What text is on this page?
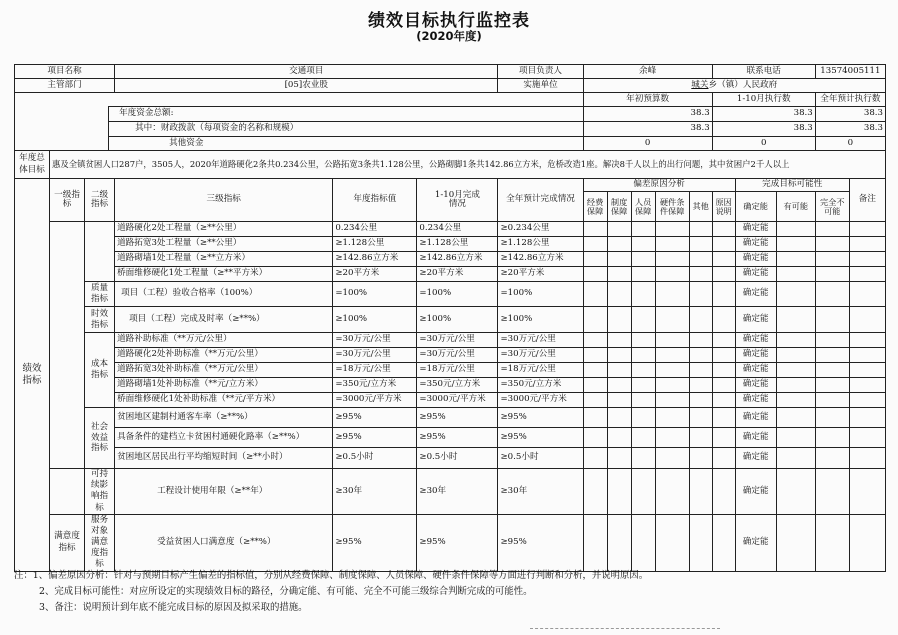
绩效目标执行监控表
(2020年度)
项目名称				交通项目			项目负责人	余峰					联系电话			13574005111	
主管部门				[05]农业股			实施单位	城关乡（镇）人民政府									
								年初预算数					1-10月执行数			全年预计执行数	
			年度资金总额:					38.3					38.3			38.3	
			其中：财政拨款（每项资金的名称和规模）					38.3					38.3			38.3	
			其他资金					0					0			0	
年度总体目标	惠及全镇贫困人口287户，3505人，2020年道路硬化2条共0.234公里，公路拓宽3条共1.128公里，公路砌脚1条共142.86立方米，危桥改造1座。解决8千人以上的出行问题，其中贫困户2千人以上																
绩效指标	一级指标	二级指标		三级指标	年度指标值	1-10月完成情况	全年预计完成情况	偏差原因分析						完成目标可能性			备注
								经费保障	制度保障	人员保障	硬件条件保障	其他	原因说明	确定能	有可能	完全不可能	
				道路硬化2处工程量（≥**公里）	0.234公里	0.234公里	≥0.234公里							确定能			
				道路拓宽3处工程量（≥**公里）	≥1.128公里	≥1.128公里	≥1.128公里							确定能			
				道路砌墙1处工程量（≥**立方米）	≥142.86立方米	≥142.86立方米	≥142.86立方米							确定能			
				桥面维修硬化1处工程量（≥**平方米）	≥20平方米	≥20平方米	≥20平方米							确定能			
		质量指标		项目（工程）验收合格率（100%）	=100%	=100%	=100%							确定能			
		时效指标		项目（工程）完成及时率（≥**%）	≥100%	≥100%	≥100%							确定能			
		成本指标		道路补助标准（**万元/公里）	=30万元/公里	=30万元/公里	=30万元/公里							确定能			
				道路硬化2处补助标准（**万元/公里）	=30万元/公里	=30万元/公里	=30万元/公里							确定能			
				道路拓宽3处补助标准（**万元/公里）	=18万元/公里	=18万元/公里	=18万元/公里							确定能			
				道路砌墙1处补助标准（**元/立方米）	=350元/立方米	=350元/立方米	=350元/立方米							确定能			
				桥面维修硬化1处补助标准（**元/平方米）	=3000元/平方米	=3000元/平方米	=3000元/平方米							确定能			
		社会效益指标		贫困地区建制村通客车率（≥**%）	≥95%	≥95%	≥95%							确定能			
				具备条件的建档立卡贫困村通硬化路率（≥**%）	≥95%	≥95%	≥95%							确定能			
				贫困地区居民出行平均缩短时间（≥**小时）	≥0.5小时	≥0.5小时	≥0.5小时							确定能			
		可持续影响指标		工程设计使用年限（≥**年）	≥30年	≥30年	≥30年							确定能			
	满意度指标	服务对象满意度指标		受益贫困人口满意度（≥**%）	≥95%	≥95%	≥95%							确定能			
注：1、偏差原因分析：针对与预期目标产生偏差的指标值，分别从经费保障、制度保障、人员保障、硬件条件保障等方面进行判断和分析，并说明原因。
2、完成目标可能性：对应所设定的实现绩效目标的路径，分确定能、有可能、完全不可能三级综合判断完成的可能性。
3、备注：说明预计到年底不能完成目标的原因及拟采取的措施。
